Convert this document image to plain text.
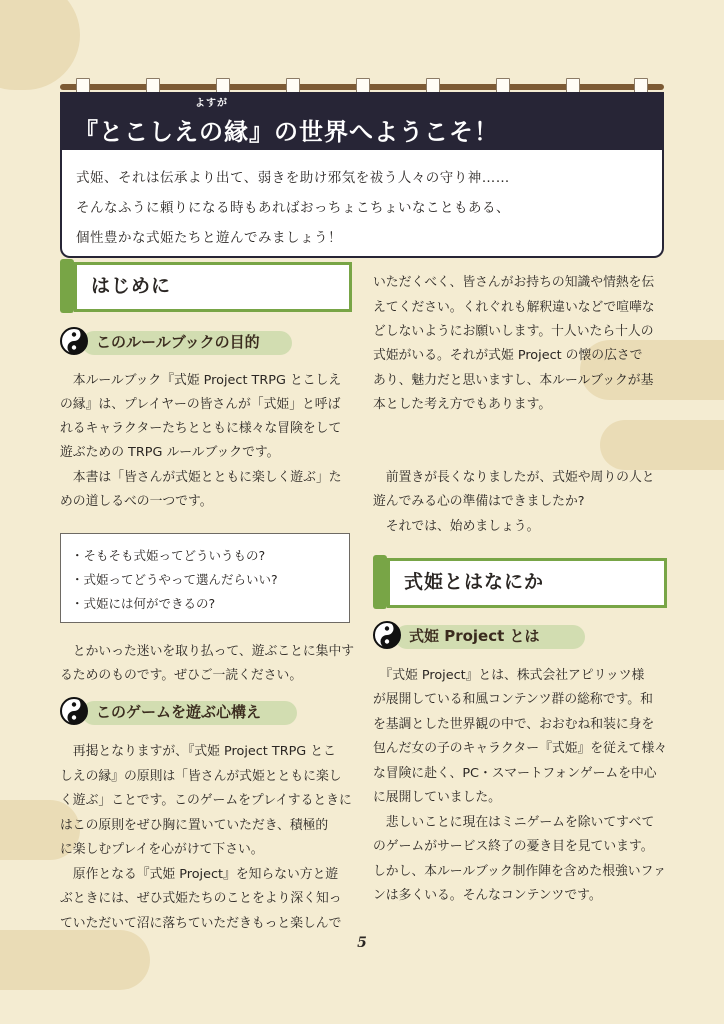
よすが
『とこしえの縁』の世界へようこそ！
式姫、それは伝承より出て、弱きを助け邪気を祓う人々の守り神……
そんなふうに頼りになる時もあればおっちょこちょいなこともある、
個性豊かな式姫たちと遊んでみましょう！
はじめに
このルールブックの目的
　本ルールブック『式姫 Project TRPG とこしえ
の縁』は、プレイヤーの皆さんが「式姫」と呼ば
れるキャラクターたちとともに様々な冒険をして
遊ぶための TRPG ルールブックです。
　本書は「皆さんが式姫とともに楽しく遊ぶ」た
めの道しるべの一つです。
・そもそも式姫ってどういうもの?
・式姫ってどうやって選んだらいい?
・式姫には何ができるの?
　とかいった迷いを取り払って、遊ぶことに集中す
るためのものです。ぜひご一読ください。
このゲームを遊ぶ心構え
　再掲となりますが、『式姫 Project TRPG とこ
しえの縁』の原則は「皆さんが式姫とともに楽し
く遊ぶ」ことです。このゲームをプレイするときに
はこの原則をぜひ胸に置いていただき、積極的
に楽しむプレイを心がけて下さい。
　原作となる『式姫 Project』を知らない方と遊
ぶときには、ぜひ式姫たちのことをより深く知っ
ていただいて沼に落ちていただきもっと楽しんで
いただくべく、皆さんがお持ちの知識や情熱を伝
えてください。くれぐれも解釈違いなどで喧嘩な
どしないようにお願いします。十人いたら十人の
式姫がいる。それが式姫 Project の懐の広さで
あり、魅力だと思いますし、本ルールブックが基
本とした考え方でもあります。
　前置きが長くなりましたが、式姫や周りの人と
遊んでみる心の準備はできましたか?
　それでは、始めましょう。
式姫とはなにか
式姫 Project とは
　『式姫 Project』とは、株式会社アピリッツ様
が展開している和風コンテンツ群の総称です。和
を基調とした世界観の中で、おおむね和装に身を
包んだ女の子のキャラクター『式姫』を従えて様々
な冒険に赴く、PC・スマートフォンゲームを中心
に展開していました。
　悲しいことに現在はミニゲームを除いてすべて
のゲームがサービス終了の憂き目を見ています。
しかし、本ルールブック制作陣を含めた根強いファ
ンは多くいる。そんなコンテンツです。
5
